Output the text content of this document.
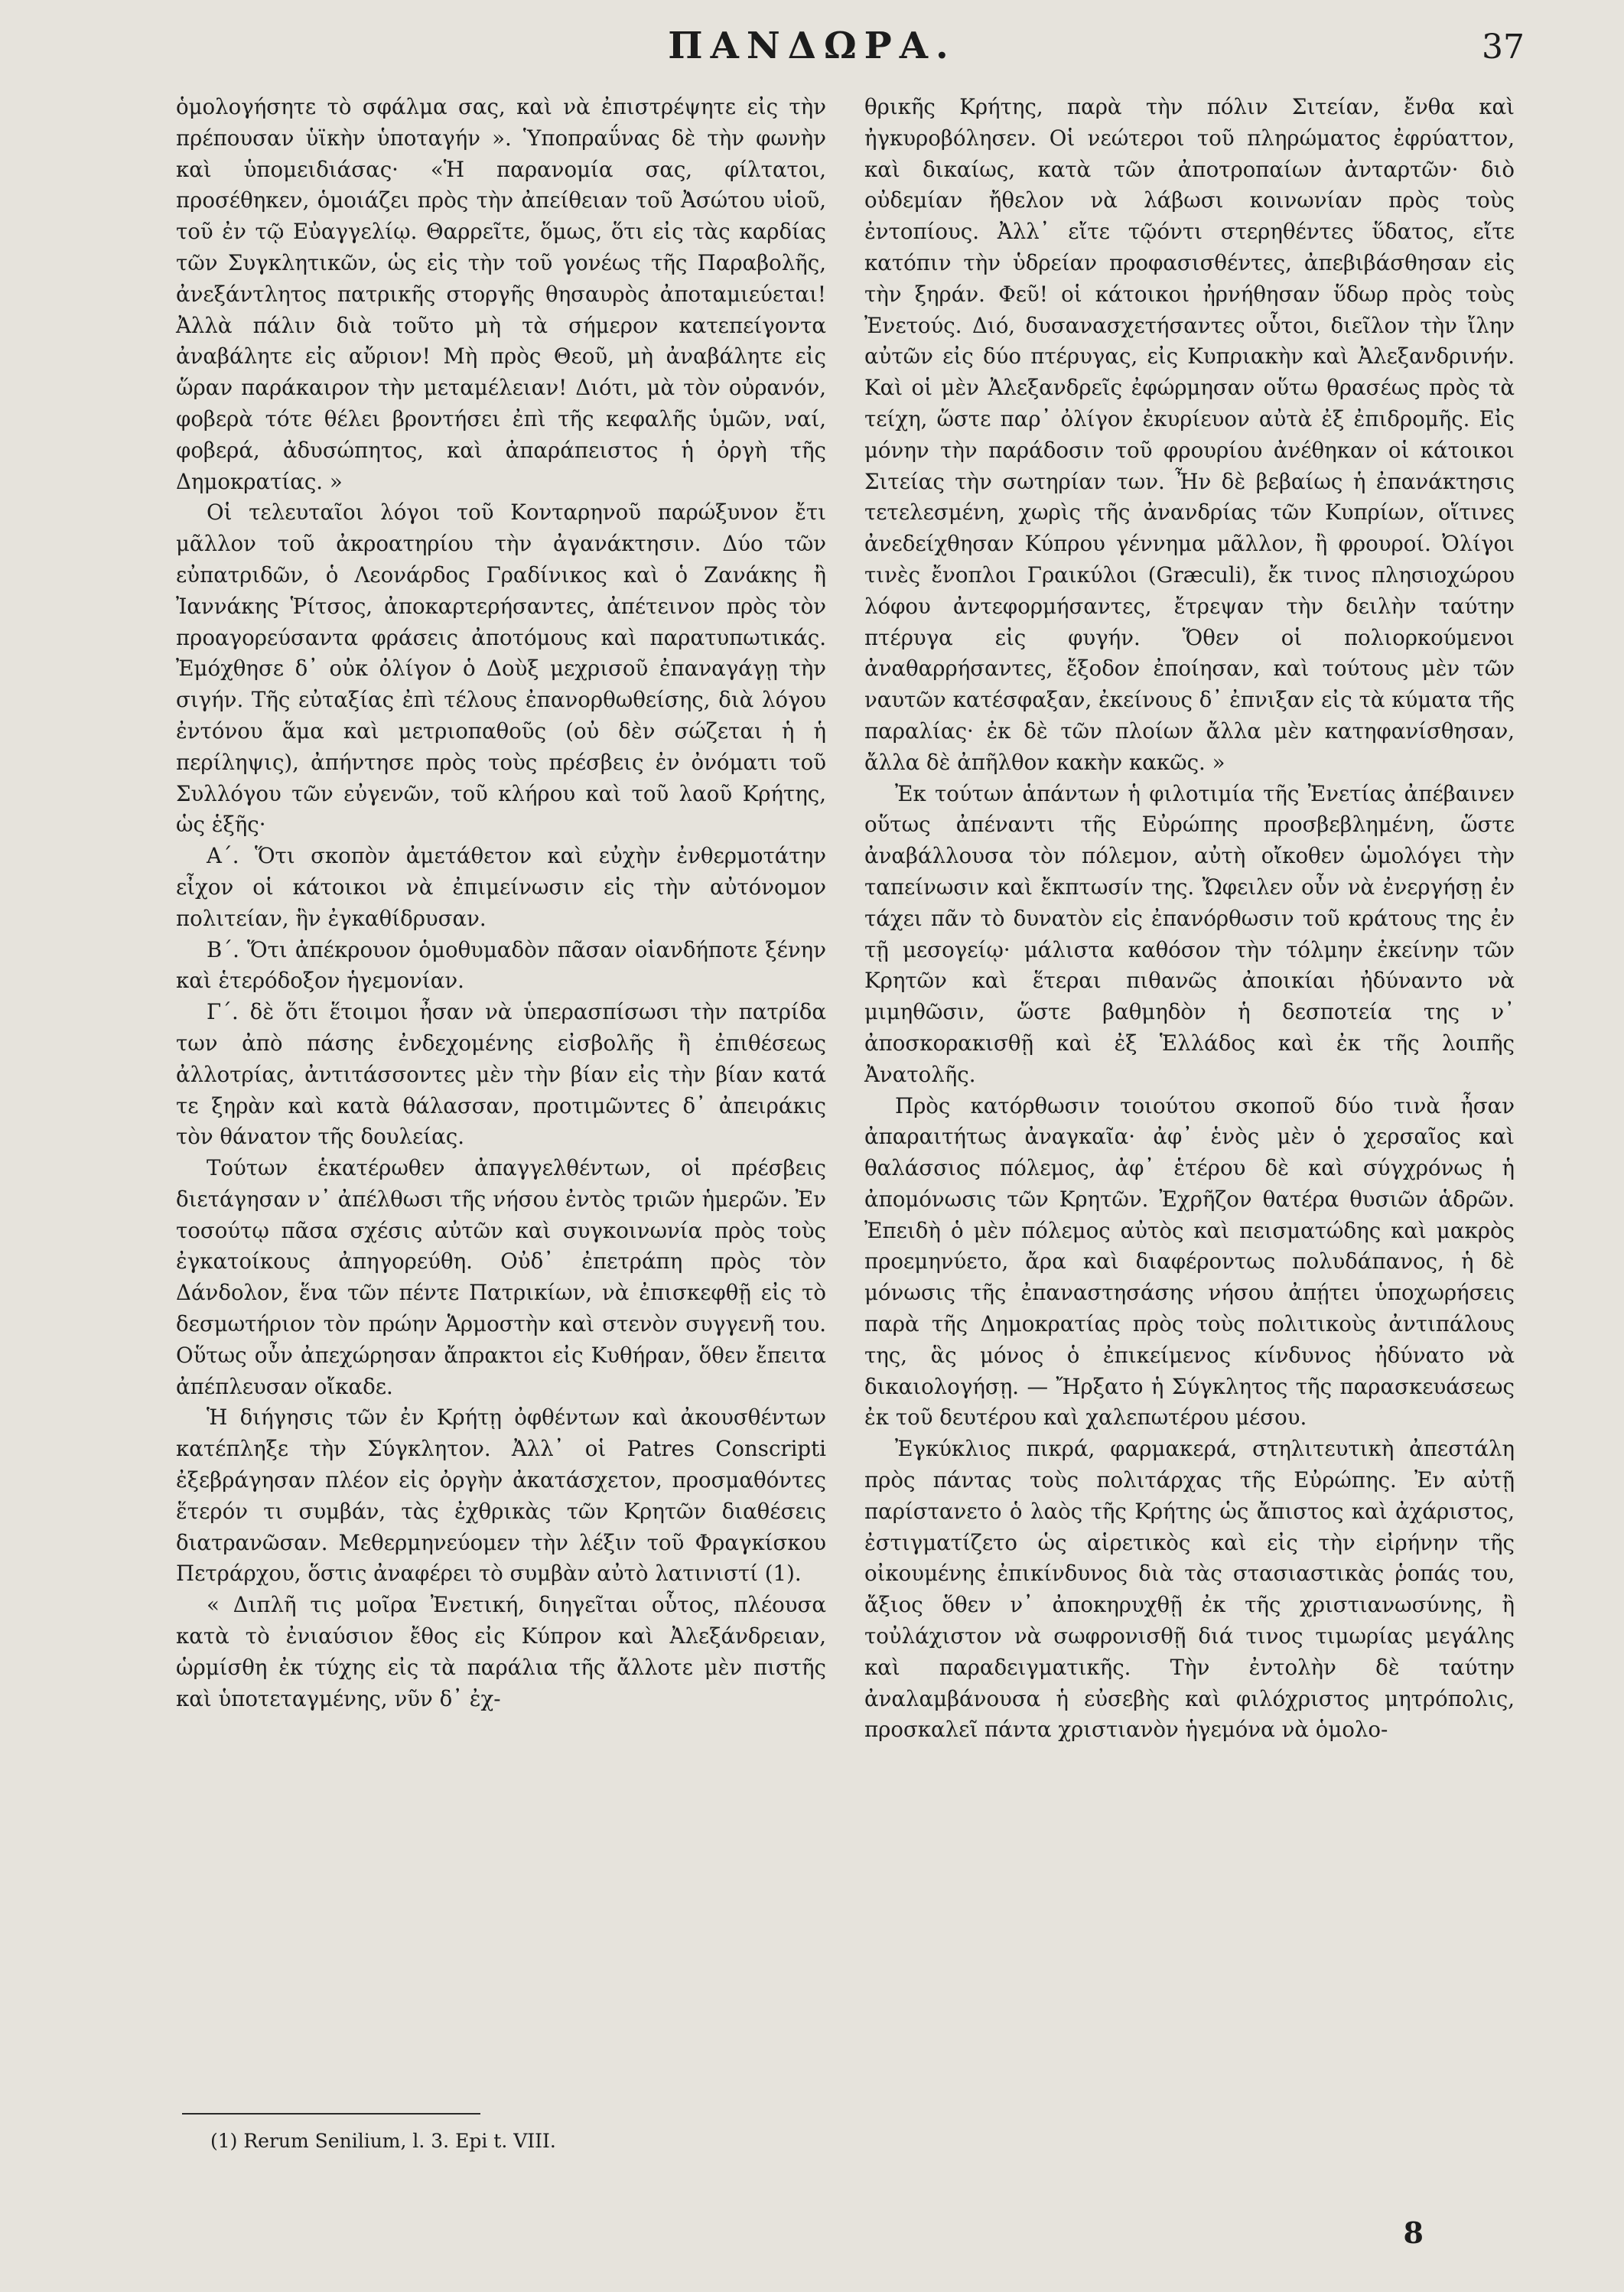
ΠΑΝΔΩΡΑ.	37

ὁμολογήσητε τὸ σφάλμα σας, καὶ νὰ ἐπιστρέψητε εἰς τὴν πρέπουσαν ὑϊκὴν ὑποταγήν ». Ὑποπραΰνας δὲ τὴν φωνὴν καὶ ὑπομειδιάσας· «Ἡ παρανομία σας, φίλτατοι, προσέθηκεν, ὁμοιάζει πρὸς τὴν ἀπείθειαν τοῦ Ἀσώτου υἱοῦ, τοῦ ἐν τῷ Εὐαγγελίῳ. Θαρρεῖτε, ὅμως, ὅτι εἰς τὰς καρδίας τῶν Συγκλητικῶν, ὡς εἰς τὴν τοῦ γονέως τῆς Παραβολῆς, ἀνεξάντλητος πατρικῆς στοργῆς θησαυρὸς ἀποταμιεύεται! Ἀλλὰ πάλιν διὰ τοῦτο μὴ τὰ σήμερον κατεπείγοντα ἀναβάλητε εἰς αὔριον! Μὴ πρὸς Θεοῦ, μὴ ἀναβάλητε εἰς ὥραν παράκαιρον τὴν μεταμέλειαν! Διότι, μὰ τὸν οὐρανόν, φοβερὰ τότε θέλει βροντήσει ἐπὶ τῆς κεφαλῆς ὑμῶν, ναί, φοβερά, ἀδυσώπητος, καὶ ἀπαράπειστος ἡ ὀργὴ τῆς Δημοκρατίας. »

Οἱ τελευταῖοι λόγοι τοῦ Κονταρηνοῦ παρώξυνον ἔτι μᾶλλον τοῦ ἀκροατηρίου τὴν ἀγανάκτησιν. Δύο τῶν εὐπατριδῶν, ὁ Λεονάρδος Γραδίνικος καὶ ὁ Ζανάκης ἢ Ἰαννάκης Ῥίτσος, ἀποκαρτερήσαντες, ἀπέτεινον πρὸς τὸν προαγορεύσαντα φράσεις ἀποτόμους καὶ παρατυπωτικάς. Ἐμόχθησε δ᾽ οὐκ ὀλίγον ὁ Δοὺξ μεχρισοῦ ἐπαναγάγῃ τὴν σιγήν. Τῆς εὐταξίας ἐπὶ τέλους ἐπανορθωθείσης, διὰ λόγου ἐντόνου ἅμα καὶ μετριοπαθοῦς (οὐ δὲν σώζεται ἡ ἡ περίληψις), ἀπήντησε πρὸς τοὺς πρέσβεις ἐν ὀνόματι τοῦ Συλλόγου τῶν εὐγενῶν, τοῦ κλήρου καὶ τοῦ λαοῦ Κρήτης, ὡς ἑξῆς·

Α΄. Ὅτι σκοπὸν ἀμετάθετον καὶ εὐχὴν ἐνθερμοτάτην εἶχον οἱ κάτοικοι νὰ ἐπιμείνωσιν εἰς τὴν αὐτόνομον πολιτείαν, ἣν ἐγκαθίδρυσαν.

Β΄. Ὅτι ἀπέκρουον ὁμοθυμαδὸν πᾶσαν οἱανδήποτε ξένην καὶ ἑτερόδοξον ἡγεμονίαν.

Γ΄. δὲ ὅτι ἕτοιμοι ἦσαν νὰ ὑπερασπίσωσι τὴν πατρίδα των ἀπὸ πάσης ἐνδεχομένης εἰσβολῆς ἢ ἐπιθέσεως ἀλλοτρίας, ἀντιτάσσοντες μὲν τὴν βίαν εἰς τὴν βίαν κατά τε ξηρὰν καὶ κατὰ θάλασσαν, προτιμῶντες δ᾽ ἀπειράκις τὸν θάνατον τῆς δουλείας.

Τούτων ἑκατέρωθεν ἀπαγγελθέντων, οἱ πρέσβεις διετάγησαν ν᾽ ἀπέλθωσι τῆς νήσου ἐντὸς τριῶν ἡμερῶν. Ἐν τοσούτῳ πᾶσα σχέσις αὐτῶν καὶ συγκοινωνία πρὸς τοὺς ἐγκατοίκους ἀπηγορεύθη. Οὐδ᾽ ἐπετράπη πρὸς τὸν Δάνδολον, ἕνα τῶν πέντε Πατρικίων, νὰ ἐπισκεφθῇ εἰς τὸ δεσμωτήριον τὸν πρώην Ἁρμοστὴν καὶ στενὸν συγγενῆ του. Οὕτως οὖν ἀπεχώρησαν ἄπρακτοι εἰς Κυθήραν, ὅθεν ἔπειτα ἀπέπλευσαν οἴκαδε.

Ἡ διήγησις τῶν ἐν Κρήτῃ ὀφθέντων καὶ ἀκουσθέντων κατέπληξε τὴν Σύγκλητον. Ἀλλ᾽ οἱ Patres Conscripti ἐξεβράγησαν πλέον εἰς ὀργὴν ἀκατάσχετον, προσμαθόντες ἕτερόν τι συμβάν, τὰς ἐχθρικὰς τῶν Κρητῶν διαθέσεις διατρανῶσαν. Μεθερμηνεύομεν τὴν λέξιν τοῦ Φραγκίσκου Πετράρχου, ὅστις ἀναφέρει τὸ συμβὰν αὐτὸ λατινιστί (1).

« Διπλῆ τις μοῖρα Ἐνετική, διηγεῖται οὗτος, πλέουσα κατὰ τὸ ἐνιαύσιον ἔθος εἰς Κύπρον καὶ Ἀλεξάνδρειαν, ὡρμίσθη ἐκ τύχης εἰς τὰ παράλια τῆς ἄλλοτε μὲν πιστῆς καὶ ὑποτεταγμένης, νῦν δ᾽ ἐχ-

θρικῆς Κρήτης, παρὰ τὴν πόλιν Σιτείαν, ἔνθα καὶ ἠγκυροβόλησεν. Οἱ νεώτεροι τοῦ πληρώματος ἐφρύαττον, καὶ δικαίως, κατὰ τῶν ἀποτροπαίων ἀνταρτῶν· διὸ οὐδεμίαν ἤθελον νὰ λάβωσι κοινωνίαν πρὸς τοὺς ἐντοπίους. Ἀλλ᾽ εἴτε τῷόντι στερηθέντες ὕδατος, εἴτε κατόπιν τὴν ὑδρείαν προφασισθέντες, ἀπεβιβάσθησαν εἰς τὴν ξηράν. Φεῦ! οἱ κάτοικοι ἠρνήθησαν ὕδωρ πρὸς τοὺς Ἐνετούς. Διό, δυσανασχετήσαντες οὗτοι, διεῖλον τὴν ἴλην αὐτῶν εἰς δύο πτέρυγας, εἰς Κυπριακὴν καὶ Ἀλεξανδρινήν. Καὶ οἱ μὲν Ἀλεξανδρεῖς ἐφώρμησαν οὕτω θρασέως πρὸς τὰ τείχη, ὥστε παρ᾽ ὀλίγον ἐκυρίευον αὐτὰ ἐξ ἐπιδρομῆς. Εἰς μόνην τὴν παράδοσιν τοῦ φρουρίου ἀνέθηκαν οἱ κάτοικοι Σιτείας τὴν σωτηρίαν των. Ἦν δὲ βεβαίως ἡ ἐπανάκτησις τετελεσμένη, χωρὶς τῆς ἀνανδρίας τῶν Κυπρίων, οἵτινες ἀνεδείχθησαν Κύπρου γέννημα μᾶλλον, ἢ φρουροί. Ὀλίγοι τινὲς ἔνοπλοι Γραικύλοι (Græculi), ἔκ τινος πλησιοχώρου λόφου ἀντεφορμήσαντες, ἔτρεψαν τὴν δειλὴν ταύτην πτέρυγα εἰς φυγήν. Ὅθεν οἱ πολιορκούμενοι ἀναθαρρήσαντες, ἔξοδον ἐποίησαν, καὶ τούτους μὲν τῶν ναυτῶν κατέσφαξαν, ἐκείνους δ᾽ ἐπνιξαν εἰς τὰ κύματα τῆς παραλίας· ἐκ δὲ τῶν πλοίων ἄλλα μὲν κατηφανίσθησαν, ἄλλα δὲ ἀπῆλθον κακὴν κακῶς. »

Ἐκ τούτων ἁπάντων ἡ φιλοτιμία τῆς Ἐνετίας ἀπέβαινεν οὕτως ἀπέναντι τῆς Εὐρώπης προσβεβλημένη, ὥστε ἀναβάλλουσα τὸν πόλεμον, αὐτὴ οἴκοθεν ὡμολόγει τὴν ταπείνωσιν καὶ ἔκπτωσίν της. Ὤφειλεν οὖν νὰ ἐνεργήσῃ ἐν τάχει πᾶν τὸ δυνατὸν εἰς ἐπανόρθωσιν τοῦ κράτους της ἐν τῇ μεσογείῳ· μάλιστα καθόσον τὴν τόλμην ἐκείνην τῶν Κρητῶν καὶ ἕτεραι πιθανῶς ἀποικίαι ἠδύναντο νὰ μιμηθῶσιν, ὥστε βαθμηδὸν ἡ δεσποτεία της ν᾽ ἀποσκορακισθῇ καὶ ἐξ Ἑλλάδος καὶ ἐκ τῆς λοιπῆς Ἀνατολῆς.

Πρὸς κατόρθωσιν τοιούτου σκοποῦ δύο τινὰ ἦσαν ἀπαραιτήτως ἀναγκαῖα· ἀφ᾽ ἑνὸς μὲν ὁ χερσαῖος καὶ θαλάσσιος πόλεμος, ἀφ᾽ ἑτέρου δὲ καὶ σύγχρόνως ἡ ἀπομόνωσις τῶν Κρητῶν. Ἐχρῆζον θατέρα θυσιῶν ἁδρῶν. Ἐπειδὴ ὁ μὲν πόλεμος αὐτὸς καὶ πεισματώδης καὶ μακρὸς προεμηνύετο, ἄρα καὶ διαφέροντως πολυδάπανος, ἡ δὲ μόνωσις τῆς ἐπαναστησάσης νήσου ἀπῄτει ὑποχωρήσεις παρὰ τῆς Δημοκρατίας πρὸς τοὺς πολιτικοὺς ἀντιπάλους της, ἃς μόνος ὁ ἐπικείμενος κίνδυνος ἠδύνατο νὰ δικαιολογήσῃ. — Ἤρξατο ἡ Σύγκλητος τῆς παρασκευάσεως ἐκ τοῦ δευτέρου καὶ χαλεπωτέρου μέσου.

Ἐγκύκλιος πικρά, φαρμακερά, στηλιτευτικὴ ἀπεστάλη πρὸς πάντας τοὺς πολιτάρχας τῆς Εὐρώπης. Ἐν αὐτῇ παρίστανετο ὁ λαὸς τῆς Κρήτης ὡς ἄπιστος καὶ ἀχάριστος, ἐστιγματίζετο ὡς αἱρετικὸς καὶ εἰς τὴν εἰρήνην τῆς οἰκουμένης ἐπικίνδυνος διὰ τὰς στασιαστικὰς ῥοπάς του, ἄξιος ὅθεν ν᾽ ἀποκηρυχθῇ ἐκ τῆς χριστιανωσύνης, ἢ τοὐλάχιστον νὰ σωφρονισθῇ διά τινος τιμωρίας μεγάλης καὶ παραδειγματικῆς. Τὴν ἐντολὴν δὲ ταύτην ἀναλαμβάνουσα ἡ εὐσεβὴς καὶ φιλόχριστος μητρόπολις, προσκαλεῖ πάντα χριστιανὸν ἡγεμόνα νὰ ὁμολο-

(1) Rerum Senilium, l. 3. Epi t. VIII.
8
